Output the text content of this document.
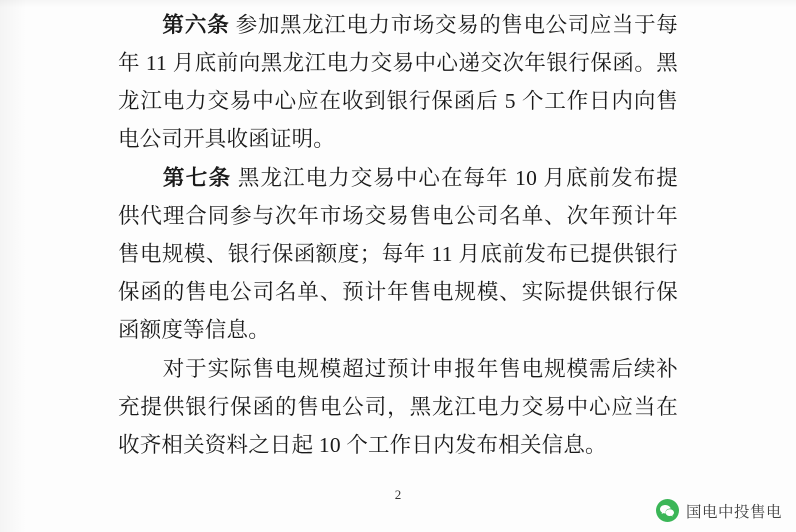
第六条 参加黑龙江电力市场交易的售电公司应当于每年 11 月底前向黑龙江电力交易中心递交次年银行保函。黑龙江电力交易中心应在收到银行保函后 5 个工作日内向售电公司开具收函证明。

第七条 黑龙江电力交易中心在每年 10 月底前发布提供代理合同参与次年市场交易售电公司名单、次年预计年售电规模、银行保函额度；每年 11 月底前发布已提供银行保函的售电公司名单、预计年售电规模、实际提供银行保函额度等信息。

对于实际售电规模超过预计申报年售电规模需后续补充提供银行保函的售电公司，黑龙江电力交易中心应当在收齐相关资料之日起 10 个工作日内发布相关信息。

2
国电中投售电
